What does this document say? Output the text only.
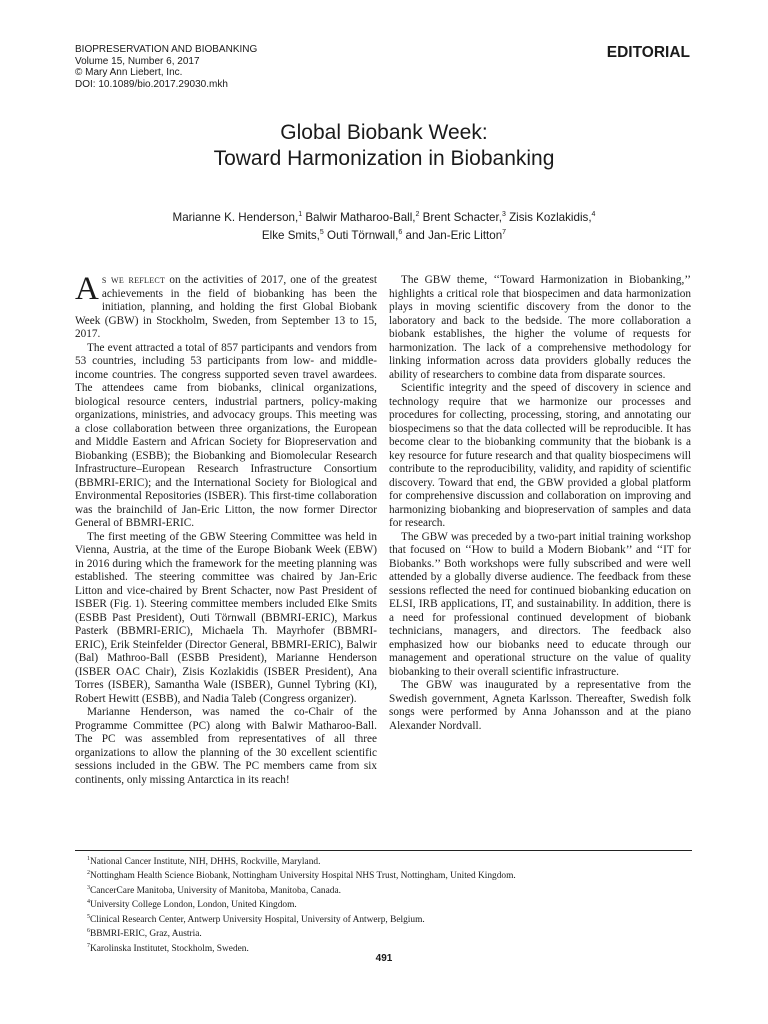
BIOPRESERVATION AND BIOBANKING
Volume 15, Number 6, 2017
© Mary Ann Liebert, Inc.
DOI: 10.1089/bio.2017.29030.mkh
EDITORIAL
Global Biobank Week:
Toward Harmonization in Biobanking
Marianne K. Henderson,$^1$ Balwir Matharoo-Ball,$^2$ Brent Schacter,$^3$ Zisis Kozlakidis,$^4$
Elke Smits,$^5$ Outi Törnwall,$^6$ and Jan-Eric Litton$^7$

As we reflect on the activities of 2017, one of the greatest achievements in the field of biobanking has been the initiation, planning, and holding the first Global Biobank Week (GBW) in Stockholm, Sweden, from September 13 to 15, 2017.

The event attracted a total of 857 participants and vendors from 53 countries, including 53 participants from low- and middle-income countries. The congress supported seven travel awardees. The attendees came from biobanks, clinical organizations, biological resource centers, industrial partners, policy-making organizations, ministries, and advocacy groups. This meeting was a close collaboration between three organizations, the European and Middle Eastern and African Society for Biopreservation and Biobanking (ESBB); the Biobanking and Biomolecular Research Infrastructure–European Research Infrastructure Consortium (BBMRI-ERIC); and the International Society for Biological and Environmental Repositories (ISBER). This first-time collaboration was the brainchild of Jan-Eric Litton, the now former Director General of BBMRI-ERIC.

The first meeting of the GBW Steering Committee was held in Vienna, Austria, at the time of the Europe Biobank Week (EBW) in 2016 during which the framework for the meeting planning was established. The steering committee was chaired by Jan-Eric Litton and vice-chaired by Brent Schacter, now Past President of ISBER (Fig. 1). Steering committee members included Elke Smits (ESBB Past President), Outi Törnwall (BBMRI-ERIC), Markus Pasterk (BBMRI-ERIC), Michaela Th. Mayrhofer (BBMRI-ERIC), Erik Steinfelder (Director General, BBMRI-ERIC), Balwir (Bal) Mathroo-Ball (ESBB President), Marianne Henderson (ISBER OAC Chair), Zisis Kozlakidis (ISBER President), Ana Torres (ISBER), Samantha Wale (ISBER), Gunnel Tybring (KI), Robert Hewitt (ESBB), and Nadia Taleb (Congress organizer).

Marianne Henderson, was named the co-Chair of the Programme Committee (PC) along with Balwir Matharoo-Ball. The PC was assembled from representatives of all three organizations to allow the planning of the 30 excellent scientific sessions included in the GBW. The PC members came from six continents, only missing Antarctica in its reach!

The GBW theme, ‘‘Toward Harmonization in Biobanking,’’ highlights a critical role that biospecimen and data harmonization plays in moving scientific discovery from the donor to the laboratory and back to the bedside. The more collaboration a biobank establishes, the higher the volume of requests for harmonization. The lack of a comprehensive methodology for linking information across data providers globally reduces the ability of researchers to combine data from disparate sources.

Scientific integrity and the speed of discovery in science and technology require that we harmonize our processes and procedures for collecting, processing, storing, and annotating our biospecimens so that the data collected will be reproducible. It has become clear to the biobanking community that the biobank is a key resource for future research and that quality biospecimens will contribute to the reproducibility, validity, and rapidity of scientific discovery. Toward that end, the GBW provided a global platform for comprehensive discussion and collaboration on improving and harmonizing biobanking and biopreservation of samples and data for research.

The GBW was preceded by a two-part initial training workshop that focused on ‘‘How to build a Modern Biobank’’ and ‘‘IT for Biobanks.’’ Both workshops were fully subscribed and were well attended by a globally diverse audience. The feedback from these sessions reflected the need for continued biobanking education on ELSI, IRB applications, IT, and sustainability. In addition, there is a need for professional continued development of biobank technicians, managers, and directors. The feedback also emphasized how our biobanks need to educate through our management and operational structure on the value of quality biobanking to their overall scientific infrastructure.

The GBW was inaugurated by a representative from the Swedish government, Agneta Karlsson. Thereafter, Swedish folk songs were performed by Anna Johansson and at the piano Alexander Nordvall.

$^1$National Cancer Institute, NIH, DHHS, Rockville, Maryland.
$^2$Nottingham Health Science Biobank, Nottingham University Hospital NHS Trust, Nottingham, United Kingdom.
$^3$CancerCare Manitoba, University of Manitoba, Manitoba, Canada.
$^4$University College London, London, United Kingdom.
$^5$Clinical Research Center, Antwerp University Hospital, University of Antwerp, Belgium.
$^6$BBMRI-ERIC, Graz, Austria.
$^7$Karolinska Institutet, Stockholm, Sweden.
491
